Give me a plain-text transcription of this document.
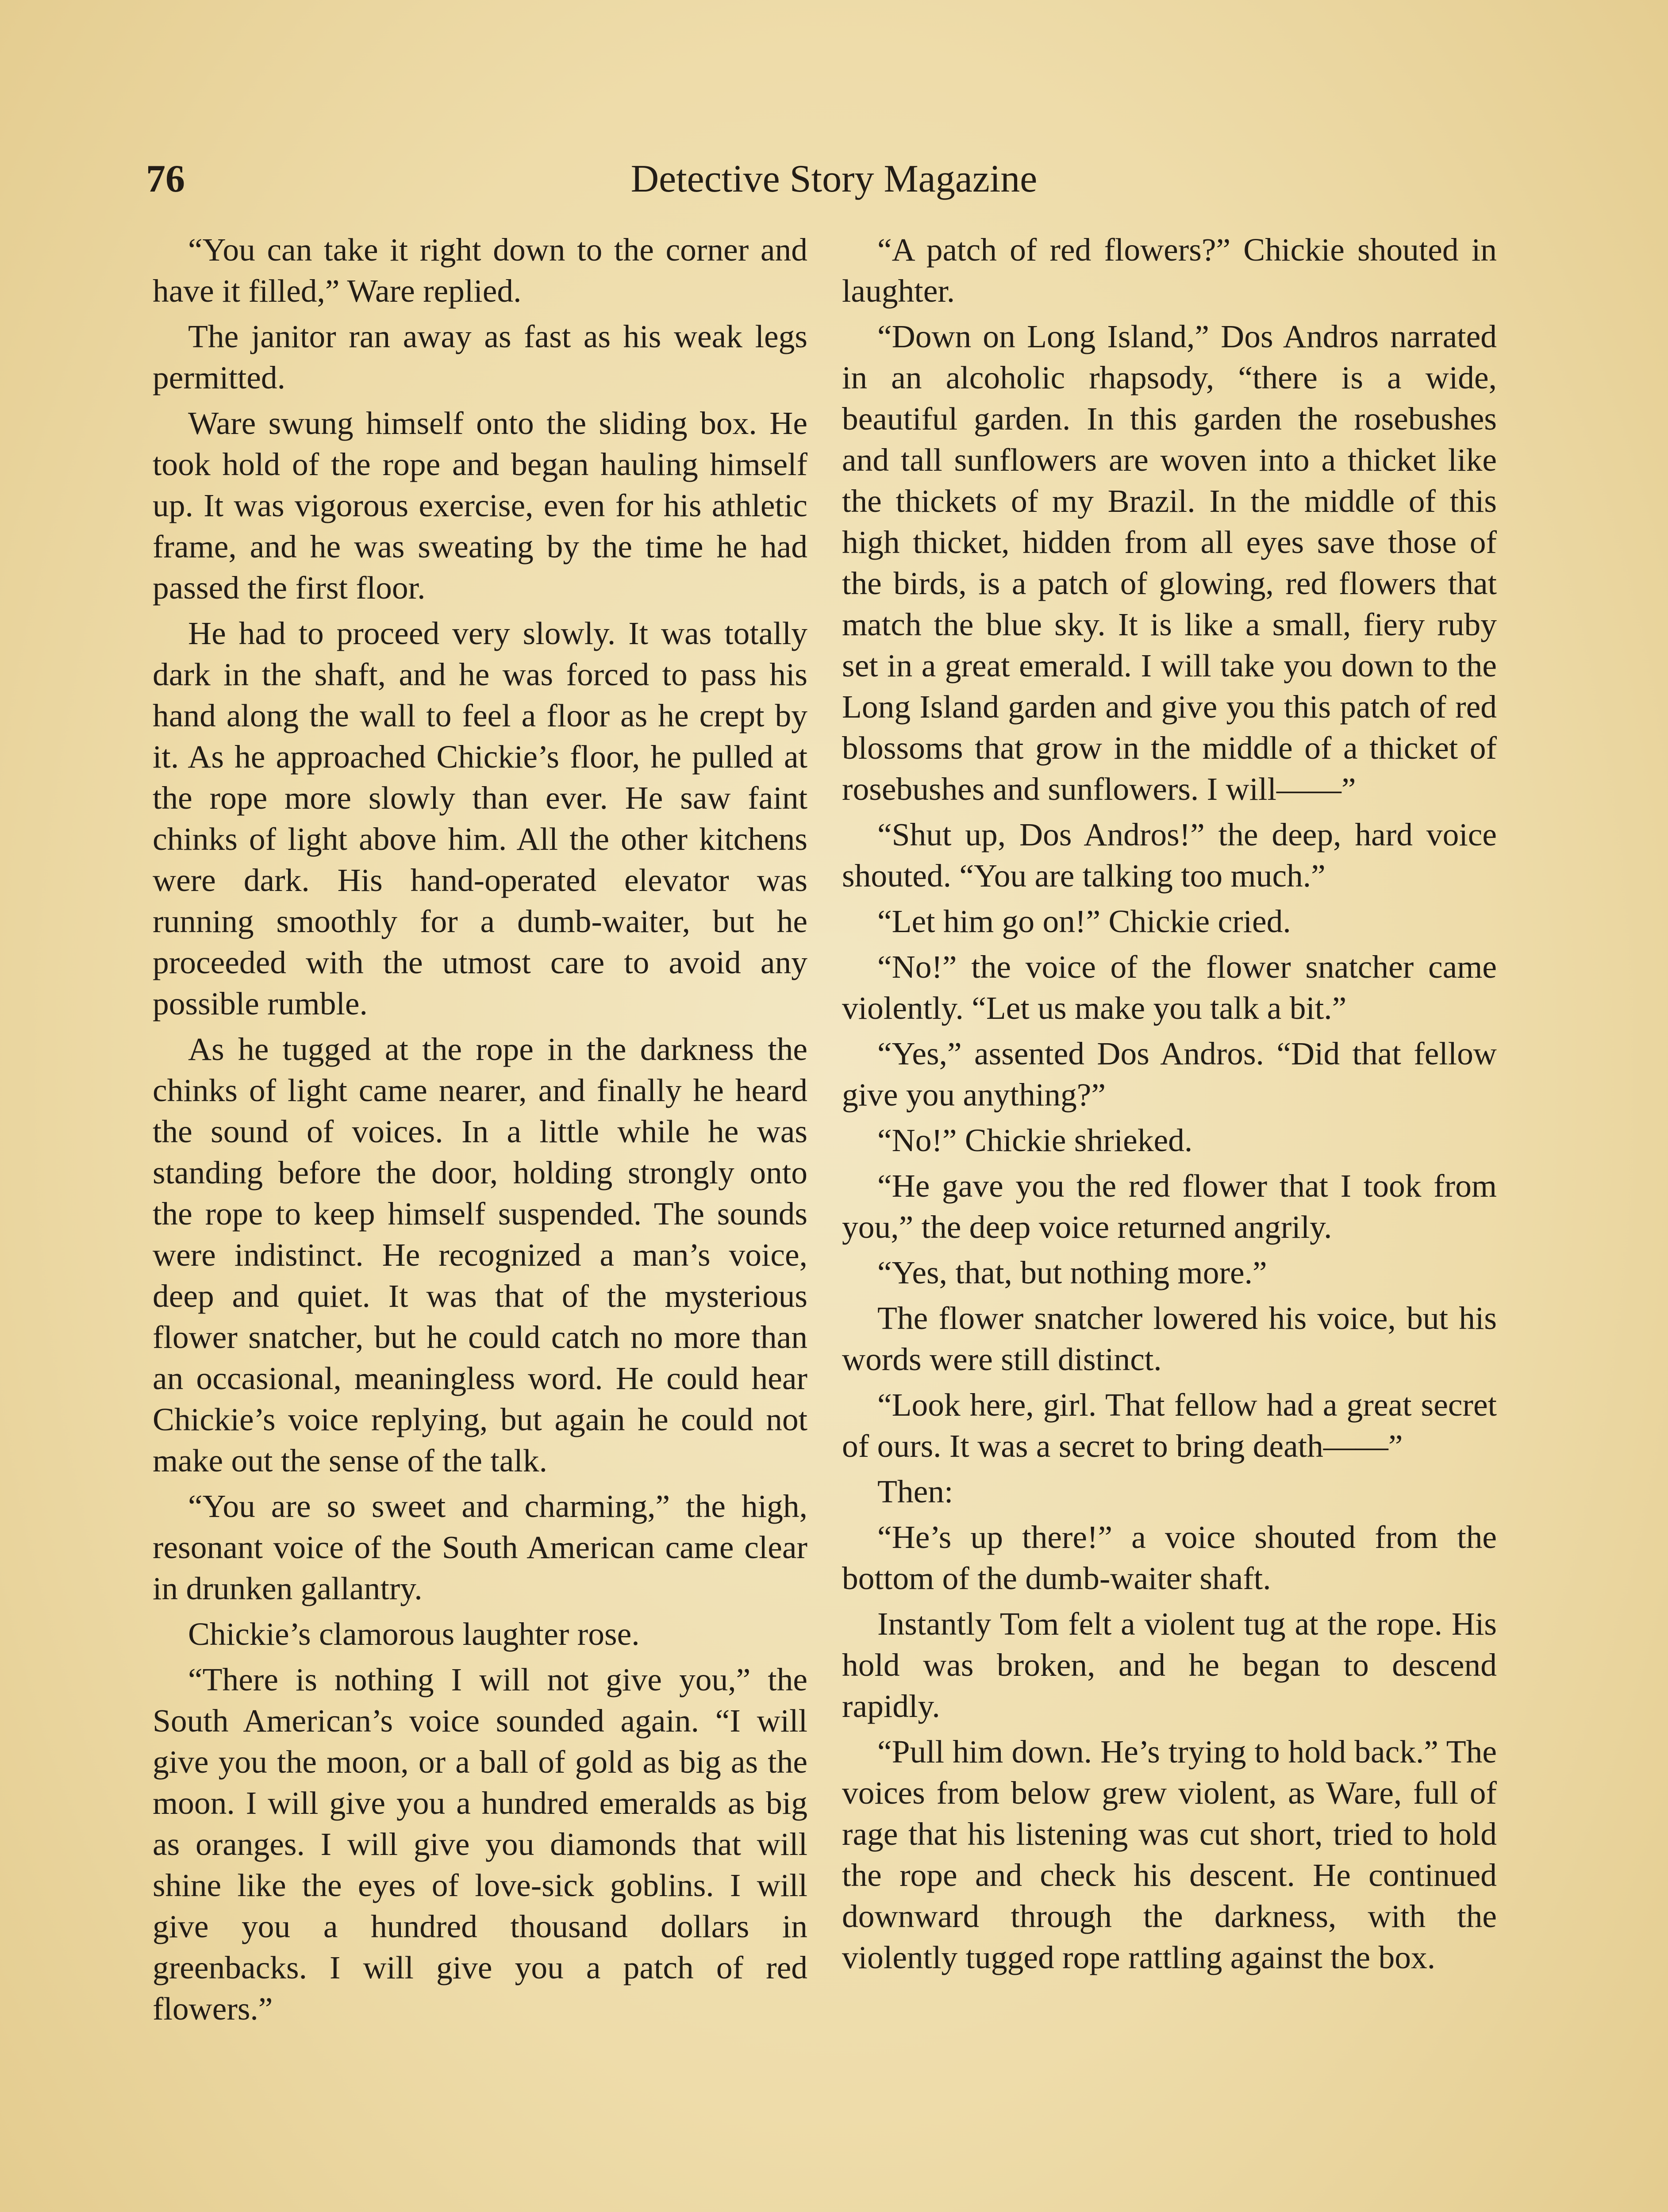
76	Detective Story Magazine

“You can take it right down to the corner and have it filled,” Ware replied.

The janitor ran away as fast as his weak legs permitted.

Ware swung himself onto the sliding box. He took hold of the rope and began hauling himself up. It was vigorous exercise, even for his athletic frame, and he was sweating by the time he had passed the first floor.

He had to proceed very slowly. It was totally dark in the shaft, and he was forced to pass his hand along the wall to feel a floor as he crept by it. As he approached Chickie’s floor, he pulled at the rope more slowly than ever. He saw faint chinks of light above him. All the other kitchens were dark. His hand-operated elevator was running smoothly for a dumb-waiter, but he proceeded with the utmost care to avoid any possible rumble.

As he tugged at the rope in the darkness the chinks of light came nearer, and finally he heard the sound of voices. In a little while he was standing before the door, holding strongly onto the rope to keep himself suspended. The sounds were indistinct. He recognized a man’s voice, deep and quiet. It was that of the mysterious flower snatcher, but he could catch no more than an occasional, meaningless word. He could hear Chickie’s voice replying, but again he could not make out the sense of the talk.

“You are so sweet and charming,” the high, resonant voice of the South American came clear in drunken gallantry.

Chickie’s clamorous laughter rose.

“There is nothing I will not give you,” the South American’s voice sounded again. “I will give you the moon, or a ball of gold as big as the moon. I will give you a hundred emeralds as big as oranges. I will give you diamonds that will shine like the eyes of love-sick goblins. I will give you a hundred thousand dollars in greenbacks. I will give you a patch of red flowers.”

“A patch of red flowers?” Chickie shouted in laughter.

“Down on Long Island,” Dos Andros narrated in an alcoholic rhapsody, “there is a wide, beautiful garden. In this garden the rosebushes and tall sunflowers are woven into a thicket like the thickets of my Brazil. In the middle of this high thicket, hidden from all eyes save those of the birds, is a patch of glowing, red flowers that match the blue sky. It is like a small, fiery ruby set in a great emerald. I will take you down to the Long Island garden and give you this patch of red blossoms that grow in the middle of a thicket of rosebushes and sunflowers. I will——”

“Shut up, Dos Andros!” the deep, hard voice shouted. “You are talking too much.”

“Let him go on!” Chickie cried.

“No!” the voice of the flower snatcher came violently. “Let us make you talk a bit.”

“Yes,” assented Dos Andros. “Did that fellow give you anything?”

“No!” Chickie shrieked.

“He gave you the red flower that I took from you,” the deep voice returned angrily.

“Yes, that, but nothing more.”

The flower snatcher lowered his voice, but his words were still distinct.

“Look here, girl. That fellow had a great secret of ours. It was a secret to bring death——”

Then:

“He’s up there!” a voice shouted from the bottom of the dumb-waiter shaft.

Instantly Tom felt a violent tug at the rope. His hold was broken, and he began to descend rapidly.

“Pull him down. He’s trying to hold back.” The voices from below grew violent, as Ware, full of rage that his listening was cut short, tried to hold the rope and check his descent. He continued downward through the darkness, with the violently tugged rope rattling against the box.
